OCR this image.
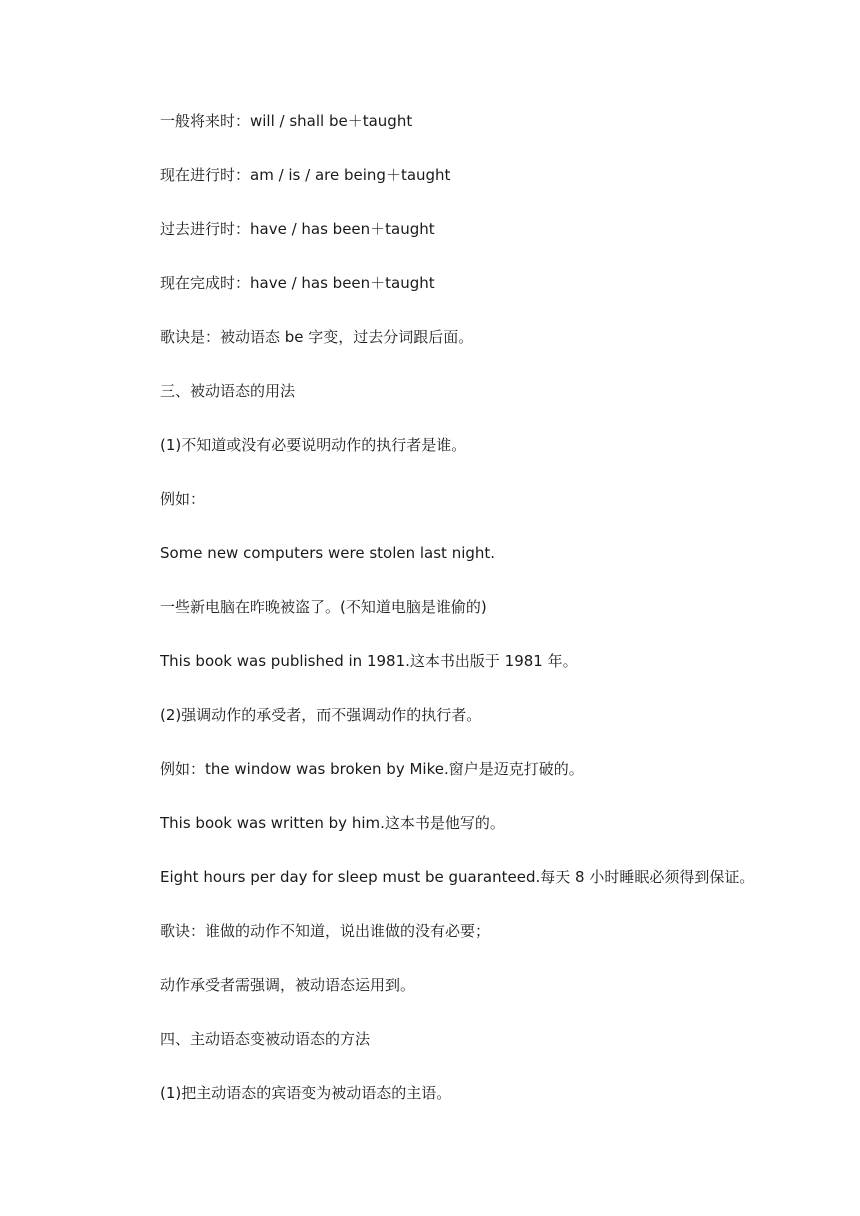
一般将来时：will / shall be＋taught
现在进行时：am / is / are being＋taught
过去进行时：have / has been＋taught
现在完成时：have / has been＋taught
歌诀是：被动语态 be 字变，过去分词跟后面。
三、被动语态的用法
(1)不知道或没有必要说明动作的执行者是谁。
例如：
Some new computers were stolen last night.
一些新电脑在昨晚被盗了。(不知道电脑是谁偷的)
This book was published in 1981.这本书出版于 1981 年。
(2)强调动作的承受者，而不强调动作的执行者。
例如：the window was broken by Mike.窗户是迈克打破的。
This book was written by him.这本书是他写的。
Eight hours per day for sleep must be guaranteed.每天 8 小时睡眠必须得到保证。
歌诀：谁做的动作不知道，说出谁做的没有必要；
动作承受者需强调，被动语态运用到。
四、主动语态变被动语态的方法
(1)把主动语态的宾语变为被动语态的主语。
